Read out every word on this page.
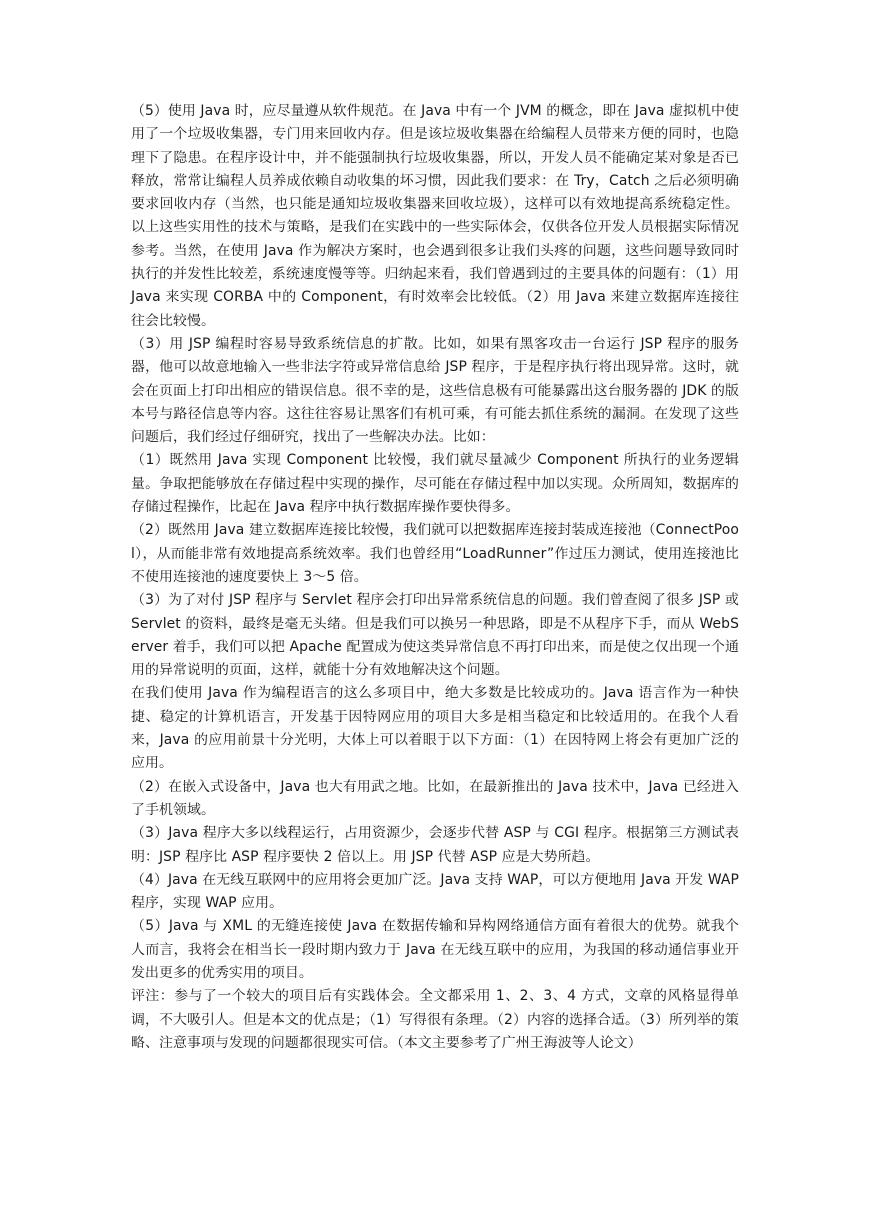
（5）使用 Java 时，应尽量遵从软件规范。在 Java 中有一个 JVM 的概念，即在 Java 虚拟机中使用了一个垃圾收集器，专门用来回收内存。但是该垃圾收集器在给编程人员带来方便的同时，也隐理下了隐患。在程序设计中，并不能强制执行垃圾收集器，所以，开发人员不能确定某对象是否已释放，常常让编程人员养成依赖自动收集的坏习惯，因此我们要求：在 Try，Catch 之后必须明确要求回收内存（当然，也只能是通知垃圾收集器来回收垃圾），这样可以有效地提高系统稳定性。以上这些实用性的技术与策略，是我们在实践中的一些实际体会，仅供各位开发人员根据实际情况参考。当然，在使用 Java 作为解决方案时，也会遇到很多让我们头疼的问题，这些问题导致同时执行的并发性比较差，系统速度慢等等。归纳起来看，我们曾遇到过的主要具体的问题有：（1）用 Java 来实现 CORBA 中的 Component，有时效率会比较低。（2）用 Java 来建立数据库连接往往会比较慢。

（3）用 JSP 编程时容易导致系统信息的扩散。比如，如果有黑客攻击一台运行 JSP 程序的服务器，他可以故意地输入一些非法字符或异常信息给 JSP 程序，于是程序执行将出现异常。这时，就会在页面上打印出相应的错误信息。很不幸的是，这些信息极有可能暴露出这台服务器的 JDK 的版本号与路径信息等内容。这往往容易让黑客们有机可乘，有可能去抓住系统的漏洞。在发现了这些问题后，我们经过仔细研究，找出了一些解决办法。比如：

（1）既然用 Java 实现 Component 比较慢，我们就尽量减少 Component 所执行的业务逻辑量。争取把能够放在存储过程中实现的操作，尽可能在存储过程中加以实现。众所周知，数据库的存储过程操作，比起在 Java 程序中执行数据库操作要快得多。

（2）既然用 Java 建立数据库连接比较慢，我们就可以把数据库连接封装成连接池（ConnectPool），从而能非常有效地提高系统效率。我们也曾经用“LoadRunner”作过压力测试，使用连接池比不使用连接池的速度要快上 3～5 倍。

（3）为了对付 JSP 程序与 Servlet 程序会打印出异常系统信息的问题。我们曾查阅了很多 JSP 或 Servlet 的资料，最终是毫无头绪。但是我们可以换另一种思路，即是不从程序下手，而从 WebServer 着手，我们可以把 Apache 配置成为使这类异常信息不再打印出来，而是使之仅出现一个通用的异常说明的页面，这样，就能十分有效地解决这个问题。

在我们使用 Java 作为编程语言的这么多项目中，绝大多数是比较成功的。Java 语言作为一种快捷、稳定的计算机语言，开发基于因特网应用的项目大多是相当稳定和比较适用的。在我个人看来，Java 的应用前景十分光明，大体上可以着眼于以下方面：（1）在因特网上将会有更加广泛的应用。

（2）在嵌入式设备中，Java 也大有用武之地。比如，在最新推出的 Java 技术中，Java 已经进入了手机领域。

（3）Java 程序大多以线程运行，占用资源少，会逐步代替 ASP 与 CGI 程序。根据第三方测试表明：JSP 程序比 ASP 程序要快 2 倍以上。用 JSP 代替 ASP 应是大势所趋。

（4）Java 在无线互联网中的应用将会更加广泛。Java 支持 WAP，可以方便地用 Java 开发 WAP 程序，实现 WAP 应用。

（5）Java 与 XML 的无缝连接使 Java 在数据传输和异构网络通信方面有着很大的优势。就我个人而言，我将会在相当长一段时期内致力于 Java 在无线互联中的应用，为我国的移动通信事业开发出更多的优秀实用的项目。

评注：参与了一个较大的项目后有实践体会。全文都采用 1、2、3、4 方式，文章的风格显得单调，不大吸引人。但是本文的优点是；（1）写得很有条理。（2）内容的选择合适。（3）所列举的策略、注意事项与发现的问题都很现实可信。（本文主要参考了广州王海波等人论文）
